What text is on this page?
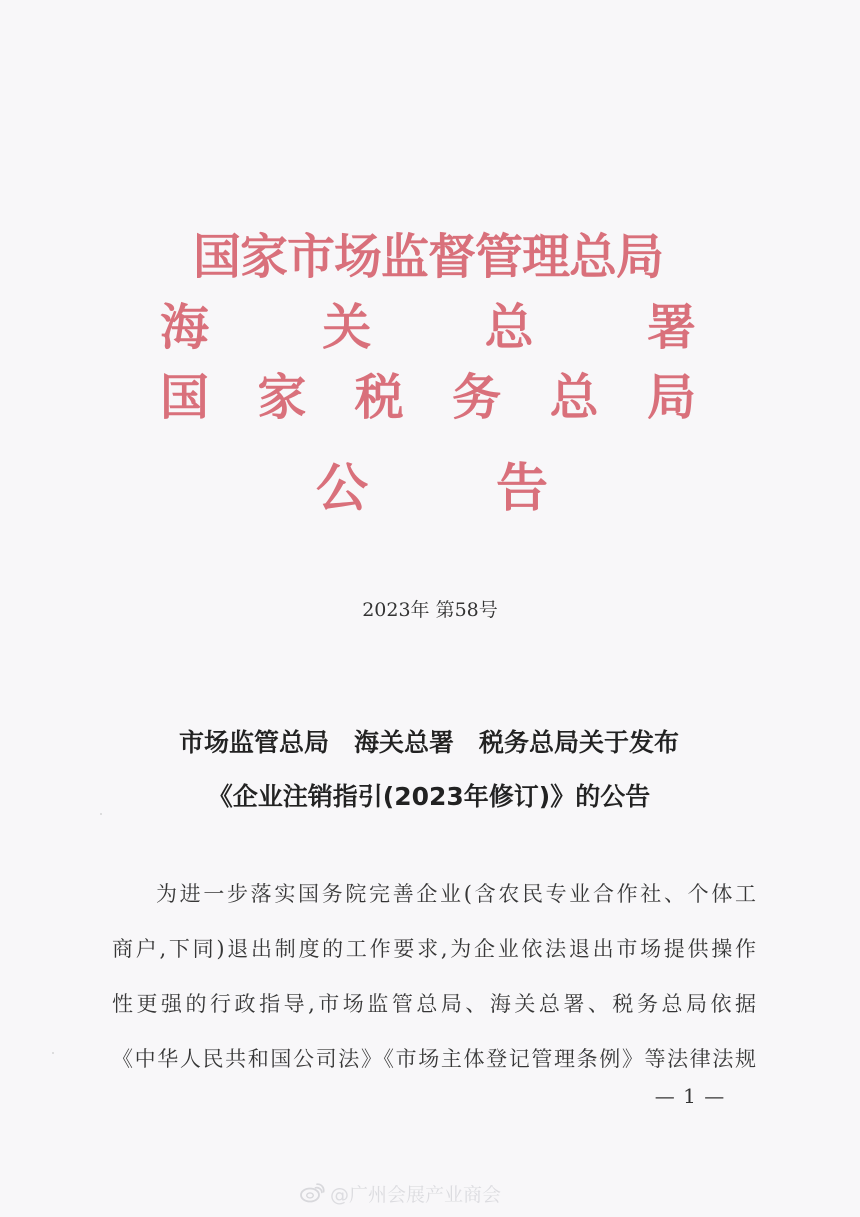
国家市场监督管理总局
海 关 总 署
国 家 税 务 总 局
公 告
2023年 第58号
市场监管总局　海关总署　税务总局关于发布
《企业注销指引(2023年修订)》的公告
为进一步落实国务院完善企业(含农民专业合作社、个体工
商户,下同)退出制度的工作要求,为企业依法退出市场提供操作
性更强的行政指导,市场监管总局、海关总署、税务总局依据
《中华人民共和国公司法》《市场主体登记管理条例》等法律法规
— 1 —
@广州会展产业商会
